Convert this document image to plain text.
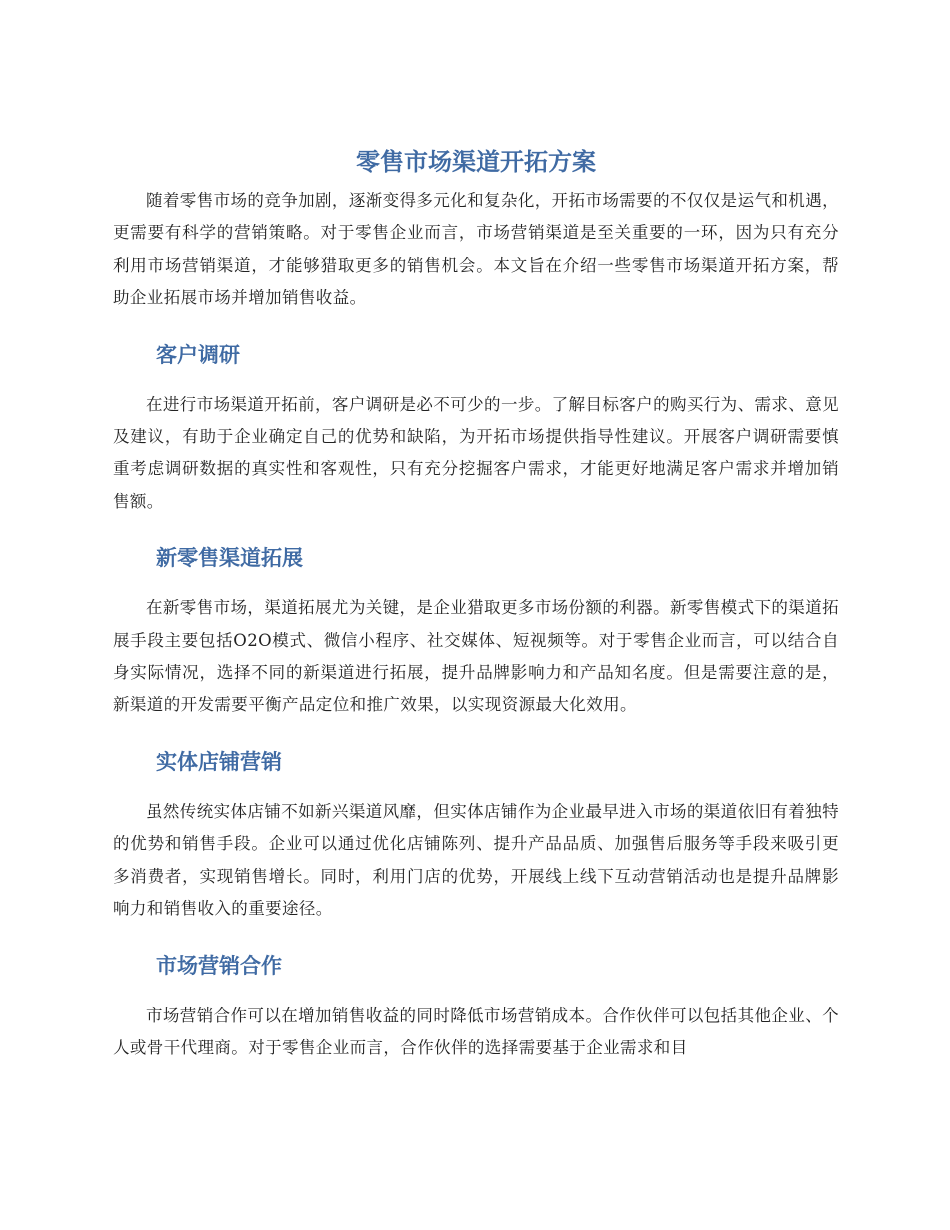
零售市场渠道开拓方案

随着零售市场的竞争加剧，逐渐变得多元化和复杂化，开拓市场需要的不仅仅是运气和机遇，更需要有科学的营销策略。对于零售企业而言，市场营销渠道是至关重要的一环，因为只有充分利用市场营销渠道，才能够猎取更多的销售机会。本文旨在介绍一些零售市场渠道开拓方案，帮助企业拓展市场并增加销售收益。

客户调研

在进行市场渠道开拓前，客户调研是必不可少的一步。了解目标客户的购买行为、需求、意见及建议，有助于企业确定自己的优势和缺陷，为开拓市场提供指导性建议。开展客户调研需要慎重考虑调研数据的真实性和客观性，只有充分挖掘客户需求，才能更好地满足客户需求并增加销售额。

新零售渠道拓展

在新零售市场，渠道拓展尤为关键，是企业猎取更多市场份额的利器。新零售模式下的渠道拓展手段主要包括O2O模式、微信小程序、社交媒体、短视频等。对于零售企业而言，可以结合自身实际情况，选择不同的新渠道进行拓展，提升品牌影响力和产品知名度。但是需要注意的是，新渠道的开发需要平衡产品定位和推广效果，以实现资源最大化效用。

实体店铺营销

虽然传统实体店铺不如新兴渠道风靡，但实体店铺作为企业最早进入市场的渠道依旧有着独特的优势和销售手段。企业可以通过优化店铺陈列、提升产品品质、加强售后服务等手段来吸引更多消费者，实现销售增长。同时，利用门店的优势，开展线上线下互动营销活动也是提升品牌影响力和销售收入的重要途径。

市场营销合作

市场营销合作可以在增加销售收益的同时降低市场营销成本。合作伙伴可以包括其他企业、个人或骨干代理商。对于零售企业而言，合作伙伴的选择需要基于企业需求和目
